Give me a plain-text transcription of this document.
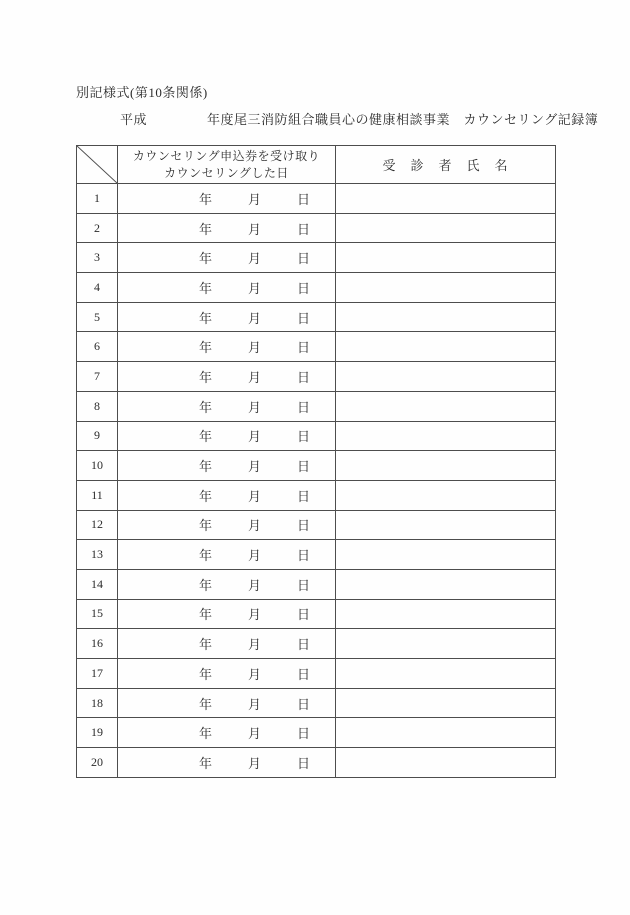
別記様式(第10条関係)
平成	年度尾三消防組合職員心の健康相談事業　カウンセリング記録簿

カウンセリング申込券を受け取り
カウンセリングした日	受　診　者　氏　名
1	年 月 日	

2	年 月 日	

3	年 月 日	

4	年 月 日	

5	年 月 日	

6	年 月 日	

7	年 月 日	

8	年 月 日	

9	年 月 日	

10	年 月 日	

11	年 月 日	

12	年 月 日	

13	年 月 日	

14	年 月 日	

15	年 月 日	

16	年 月 日	

17	年 月 日	

18	年 月 日	

19	年 月 日	

20	年 月 日	
